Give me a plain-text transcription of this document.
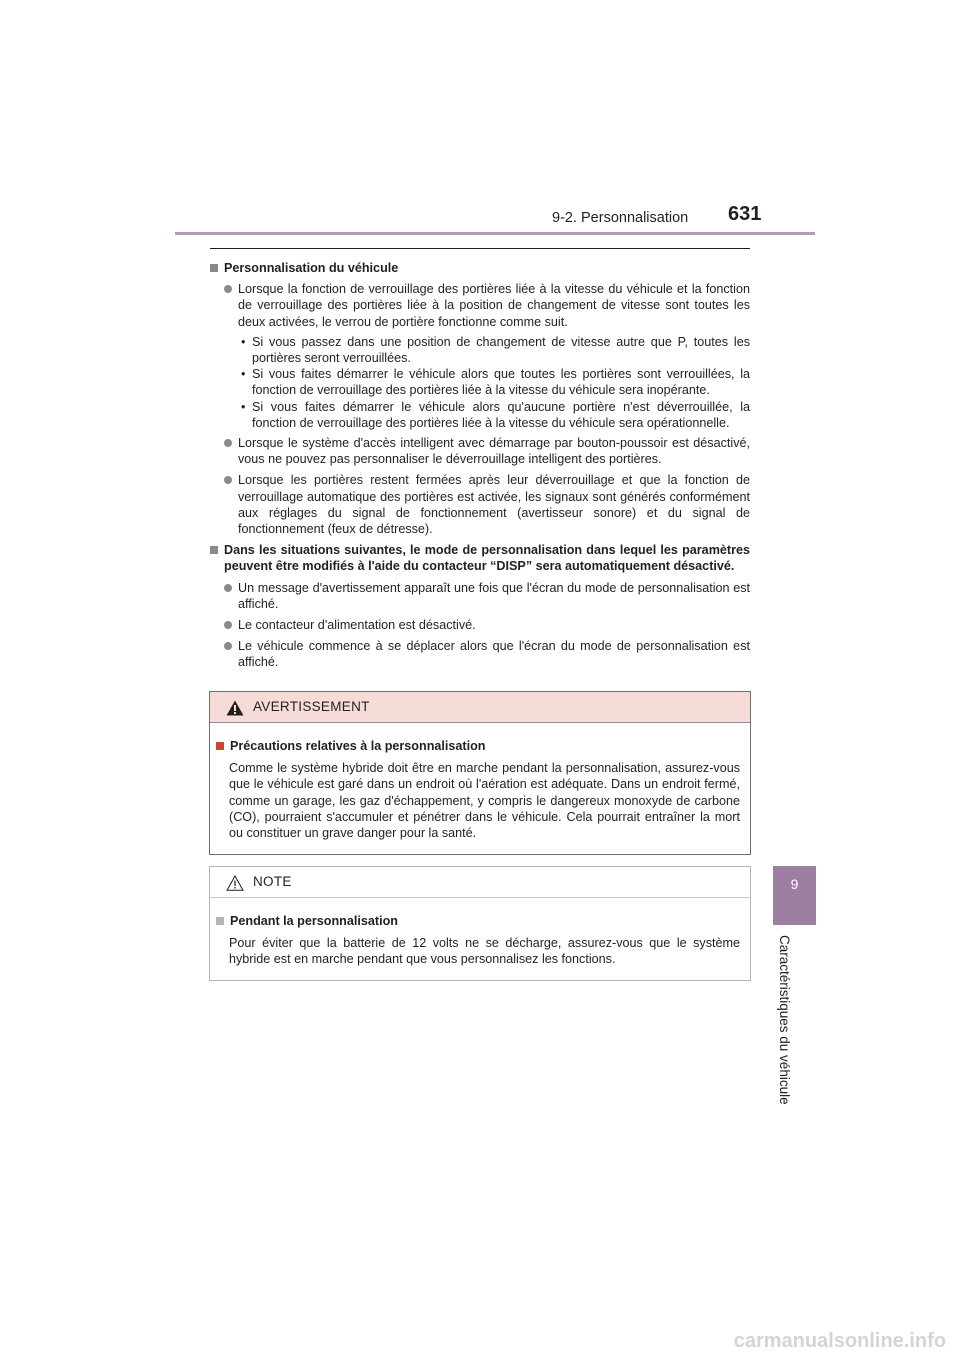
9-2. Personnalisation 631
9
Caractéristiques du véhicule
Personnalisation du véhicule
Lorsque la fonction de verrouillage des portières liée à la vitesse du véhicule et la fonction de verrouillage des portières liée à la position de changement de vitesse sont toutes les deux activées, le verrou de portière fonctionne comme suit.
• Si vous passez dans une position de changement de vitesse autre que P, toutes les portières seront verrouillées.
• Si vous faites démarrer le véhicule alors que toutes les portières sont verrouillées, la fonction de verrouillage des portières liée à la vitesse du véhicule sera inopérante.
• Si vous faites démarrer le véhicule alors qu'aucune portière n'est déverrouillée, la fonction de verrouillage des portières liée à la vitesse du véhicule sera opérationnelle.
Lorsque le système d'accès intelligent avec démarrage par bouton-poussoir est désactivé, vous ne pouvez pas personnaliser le déverrouillage intelligent des portières.
Lorsque les portières restent fermées après leur déverrouillage et que la fonction de verrouillage automatique des portières est activée, les signaux sont générés conformément aux réglages du signal de fonctionnement (avertisseur sonore) et du signal de fonctionnement (feux de détresse).
Dans les situations suivantes, le mode de personnalisation dans lequel les paramètres peuvent être modifiés à l'aide du contacteur “DISP” sera automatiquement désactivé.
Un message d'avertissement apparaît une fois que l'écran du mode de personnalisation est affiché.
Le contacteur d'alimentation est désactivé.
Le véhicule commence à se déplacer alors que l'écran du mode de personnalisation est affiché.
AVERTISSEMENT
Précautions relatives à la personnalisation
Comme le système hybride doit être en marche pendant la personnalisation, assurez-vous que le véhicule est garé dans un endroit où l'aération est adéquate. Dans un endroit fermé, comme un garage, les gaz d'échappement, y compris le dangereux monoxyde de carbone (CO), pourraient s'accumuler et pénétrer dans le véhicule. Cela pourrait entraîner la mort ou constituer un grave danger pour la santé.
NOTE
Pendant la personnalisation
Pour éviter que la batterie de 12 volts ne se décharge, assurez-vous que le système hybride est en marche pendant que vous personnalisez les fonctions.
carmanualsonline.info
